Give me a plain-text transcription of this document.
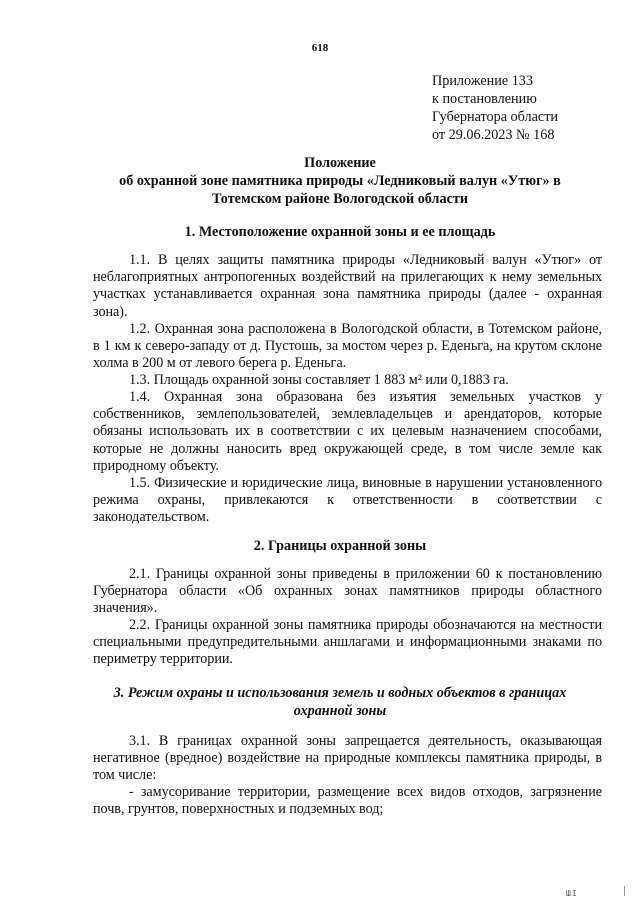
618
Приложение 133
к постановлению
Губернатора области
от 29.06.2023 № 168
Положение
об охранной зоне памятника природы «Ледниковый валун «Утюг» в
Тотемском районе Вологодской области
1. Местоположение охранной зоны и ее площадь
1.1. В целях защиты памятника природы «Ледниковый валун «Утюг» от неблагоприятных антропогенных воздействий на прилегающих к нему земельных участках устанавливается охранная зона памятника природы (далее - охранная зона).
1.2. Охранная зона расположена в Вологодской области, в Тотемском районе, в 1 км к северо-западу от д. Пустошь, за мостом через р. Еденьга, на крутом склоне холма в 200 м от левого берега р. Еденьга.
1.3. Площадь охранной зоны составляет 1 883 м² или 0,1883 га.
1.4. Охранная зона образована без изъятия земельных участков у собственников, землепользователей, землевладельцев и арендаторов, которые обязаны использовать их в соответствии с их целевым назначением способами, которые не должны наносить вред окружающей среде, в том числе земле как природному объекту.
1.5. Физические и юридические лица, виновные в нарушении установленного режима охраны, привлекаются к ответственности в соответствии с законодательством.
2. Границы охранной зоны
2.1. Границы охранной зоны приведены в приложении 60 к постановлению Губернатора области «Об охранных зонах памятников природы областного значения».
2.2. Границы охранной зоны памятника природы обозначаются на местности специальными предупредительными аншлагами и информационными знаками по периметру территории.
3. Режим охраны и использования земель и водных объектов в границах
охранной зоны
3.1. В границах охранной зоны запрещается деятельность, оказывающая негативное (вредное) воздействие на природные комплексы памятника природы, в том числе:
- замусоривание территории, размещение всех видов отходов, загрязнение почв, грунтов, поверхностных и подземных вод;
ШI
